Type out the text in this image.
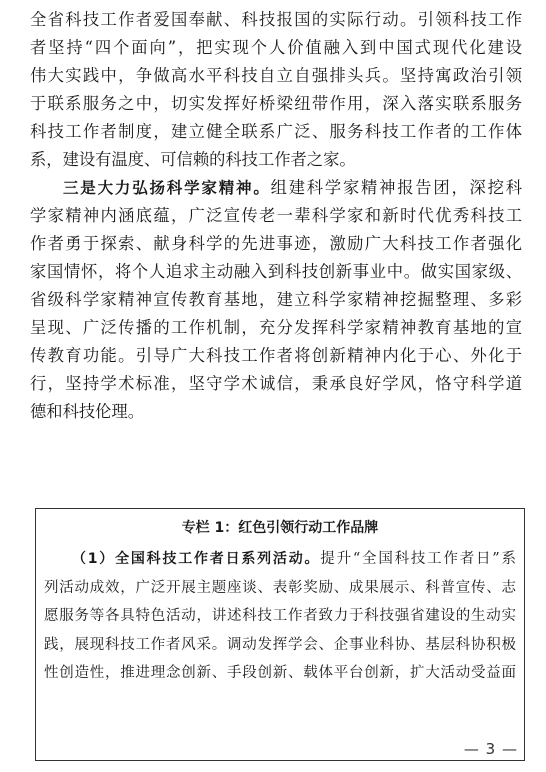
全省科技工作者爱国奉献、科技报国的实际行动。引领科技工作
者坚持“四个面向”，把实现个人价值融入到中国式现代化建设
伟大实践中，争做高水平科技自立自强排头兵。坚持寓政治引领
于联系服务之中，切实发挥好桥梁纽带作用，深入落实联系服务
科技工作者制度，建立健全联系广泛、服务科技工作者的工作体
系，建设有温度、可信赖的科技工作者之家。
三是大力弘扬科学家精神。组建科学家精神报告团，深挖科
学家精神内涵底蕴，广泛宣传老一辈科学家和新时代优秀科技工
作者勇于探索、献身科学的先进事迹，激励广大科技工作者强化
家国情怀，将个人追求主动融入到科技创新事业中。做实国家级、
省级科学家精神宣传教育基地，建立科学家精神挖掘整理、多彩
呈现、广泛传播的工作机制，充分发挥科学家精神教育基地的宣
传教育功能。引导广大科技工作者将创新精神内化于心、外化于
行，坚持学术标准，坚守学术诚信，秉承良好学风，恪守科学道
德和科技伦理。
专栏 1：红色引领行动工作品牌
（1）全国科技工作者日系列活动。提升“全国科技工作者日”系
列活动成效，广泛开展主题座谈、表彰奖励、成果展示、科普宣传、志
愿服务等各具特色活动，讲述科技工作者致力于科技强省建设的生动实
践，展现科技工作者风采。调动发挥学会、企事业科协、基层科协积极
性创造性，推进理念创新、手段创新、载体平台创新，扩大活动受益面
— 3 —
